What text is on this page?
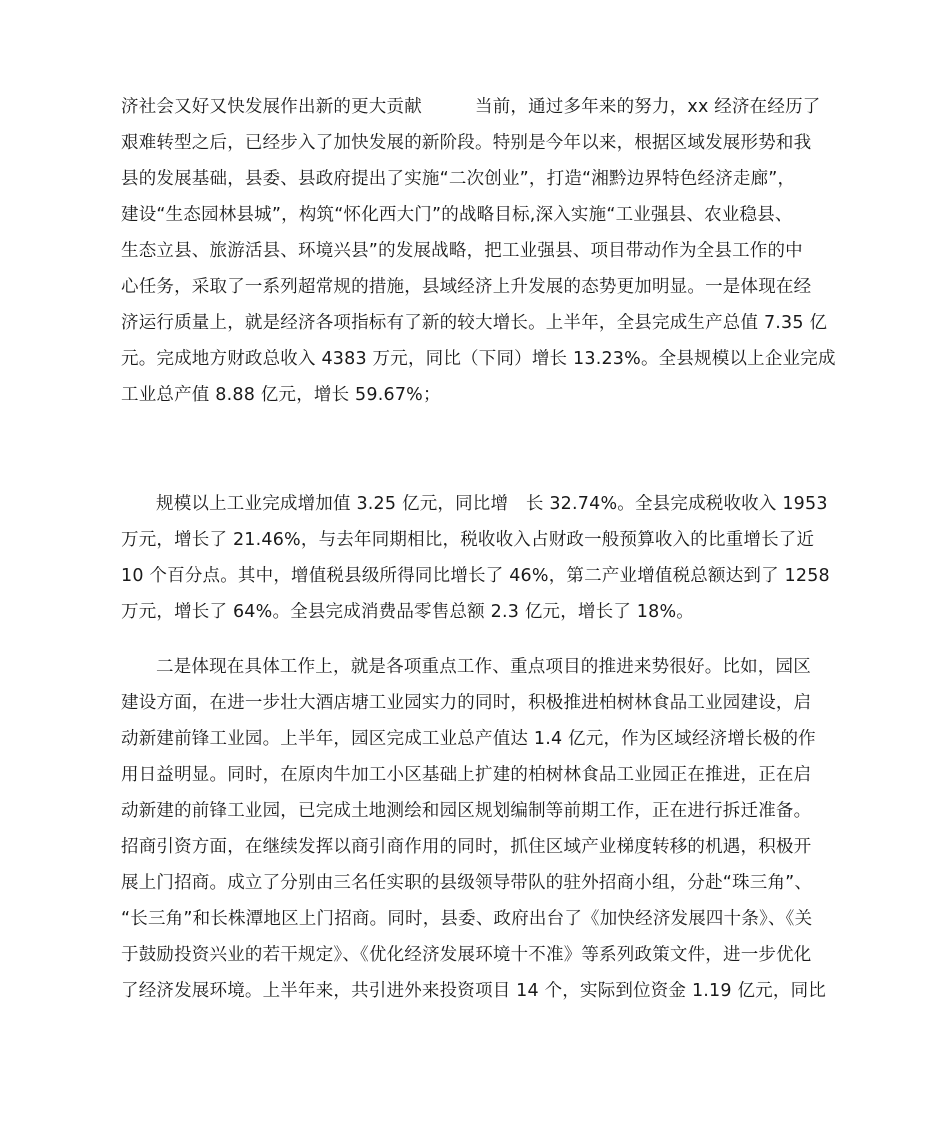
济社会又好又快发展作出新的更大贡献　　　当前，通过多年来的努力，xx 经济在经历了
艰难转型之后，已经步入了加快发展的新阶段。特别是今年以来，根据区域发展形势和我
县的发展基础，县委、县政府提出了实施“二次创业”，打造“湘黔边界特色经济走廊”，
建设“生态园林县城”，构筑“怀化西大门”的战略目标,深入实施“工业强县、农业稳县、
生态立县、旅游活县、环境兴县”的发展战略，把工业强县、项目带动作为全县工作的中
心任务，采取了一系列超常规的措施，县域经济上升发展的态势更加明显。一是体现在经
济运行质量上，就是经济各项指标有了新的较大增长。上半年，全县完成生产总值 7.35 亿
元。完成地方财政总收入 4383 万元，同比（下同）增长 13.23%。全县规模以上企业完成
工业总产值 8.88 亿元，增长 59.67%；
规模以上工业完成增加值 3.25 亿元，同比增　长 32.74%。全县完成税收收入 1953
万元，增长了 21.46%，与去年同期相比，税收收入占财政一般预算收入的比重增长了近
10 个百分点。其中，增值税县级所得同比增长了 46%，第二产业增值税总额达到了 1258
万元，增长了 64%。全县完成消费品零售总额 2.3 亿元，增长了 18%。
二是体现在具体工作上，就是各项重点工作、重点项目的推进来势很好。比如，园区
建设方面，在进一步壮大酒店塘工业园实力的同时，积极推进柏树林食品工业园建设，启
动新建前锋工业园。上半年，园区完成工业总产值达 1.4 亿元，作为区域经济增长极的作
用日益明显。同时，在原肉牛加工小区基础上扩建的柏树林食品工业园正在推进，正在启
动新建的前锋工业园，已完成土地测绘和园区规划编制等前期工作，正在进行拆迁准备。
招商引资方面，在继续发挥以商引商作用的同时，抓住区域产业梯度转移的机遇，积极开
展上门招商。成立了分别由三名任实职的县级领导带队的驻外招商小组，分赴“珠三角”、
“长三角”和长株潭地区上门招商。同时，县委、政府出台了《加快经济发展四十条》、《关
于鼓励投资兴业的若干规定》、《优化经济发展环境十不准》等系列政策文件，进一步优化
了经济发展环境。上半年来，共引进外来投资项目 14 个，实际到位资金 1.19 亿元，同比
